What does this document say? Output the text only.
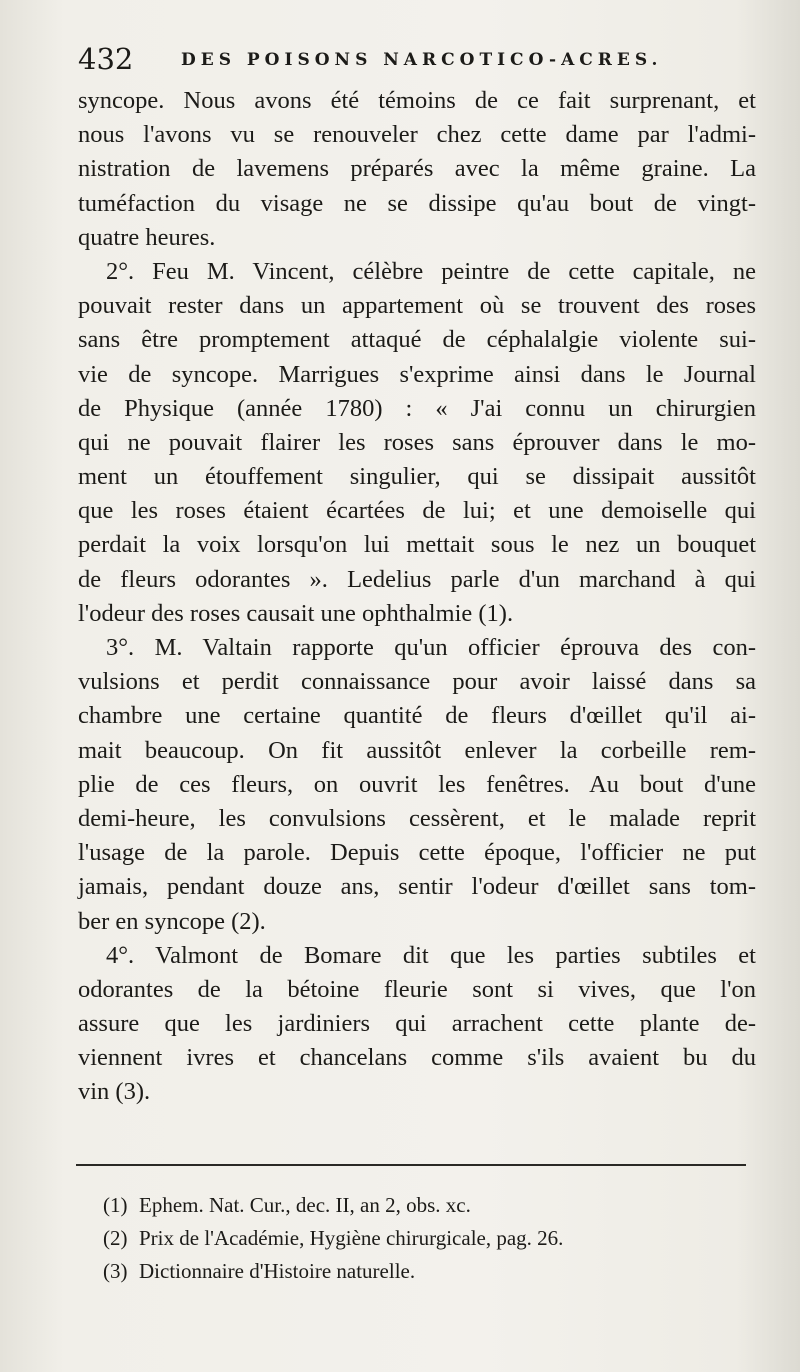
432	DES POISONS NARCOTICO-ACRES.
syncope. Nous avons été témoins de ce fait surprenant, et
nous l'avons vu se renouveler chez cette dame par l'admi-
nistration de lavemens préparés avec la même graine. La
tuméfaction du visage ne se dissipe qu'au bout de vingt-
quatre heures.
2°. Feu M. Vincent, célèbre peintre de cette capitale, ne
pouvait rester dans un appartement où se trouvent des roses
sans être promptement attaqué de céphalalgie violente sui-
vie de syncope. Marrigues s'exprime ainsi dans le Journal
de Physique (année 1780) : « J'ai connu un chirurgien
qui ne pouvait flairer les roses sans éprouver dans le mo-
ment un étouffement singulier, qui se dissipait aussitôt
que les roses étaient écartées de lui; et une demoiselle qui
perdait la voix lorsqu'on lui mettait sous le nez un bouquet
de fleurs odorantes ». Ledelius parle d'un marchand à qui
l'odeur des roses causait une ophthalmie (1).
3°. M. Valtain rapporte qu'un officier éprouva des con-
vulsions et perdit connaissance pour avoir laissé dans sa
chambre une certaine quantité de fleurs d'œillet qu'il ai-
mait beaucoup. On fit aussitôt enlever la corbeille rem-
plie de ces fleurs, on ouvrit les fenêtres. Au bout d'une
demi-heure, les convulsions cessèrent, et le malade reprit
l'usage de la parole. Depuis cette époque, l'officier ne put
jamais, pendant douze ans, sentir l'odeur d'œillet sans tom-
ber en syncope (2).
4°. Valmont de Bomare dit que les parties subtiles et
odorantes de la bétoine fleurie sont si vives, que l'on
assure que les jardiniers qui arrachent cette plante de-
viennent ivres et chancelans comme s'ils avaient bu du
vin (3).
(1) Ephem. Nat. Cur., dec. II, an 2, obs. xc.
(2) Prix de l'Académie, Hygiène chirurgicale, pag. 26.
(3) Dictionnaire d'Histoire naturelle.
